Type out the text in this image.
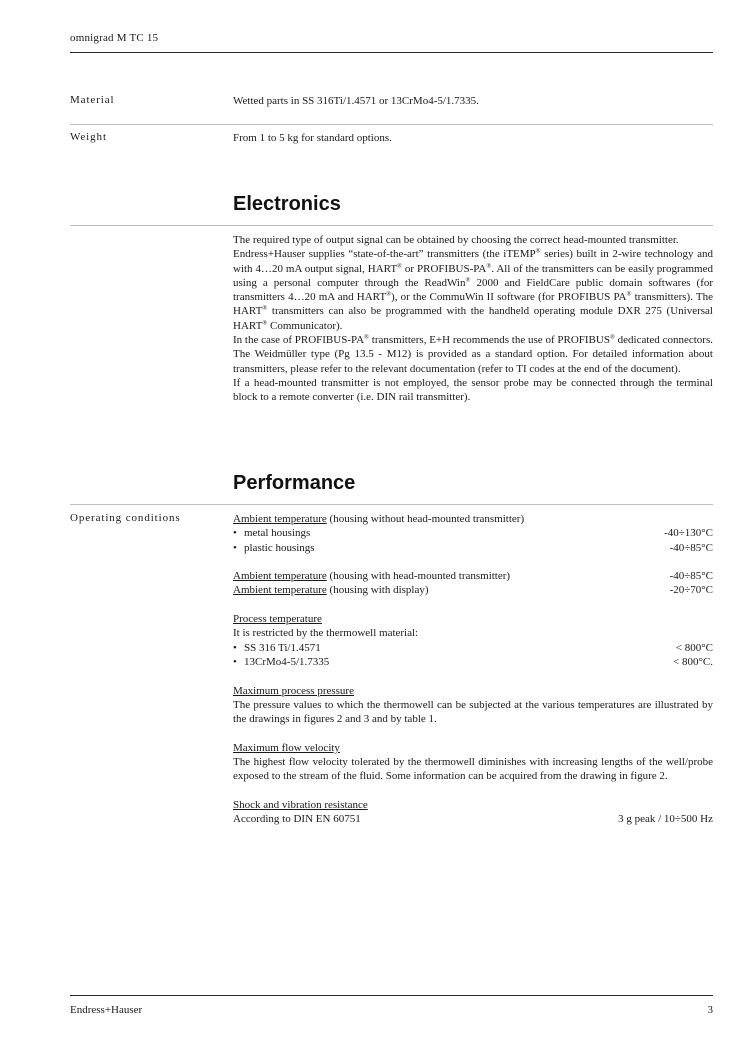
omnigrad M TC 15
Material	Wetted parts in SS 316Ti/1.4571 or 13CrMo4-5/1.7335.
Weight	From 1 to 5 kg for standard options.
Electronics

The required type of output signal can be obtained by choosing the correct head-mounted transmitter.

Endress+Hauser supplies “state-of-the-art” transmitters (the iTEMP® series) built in 2-wire technology and with 4…20 mA output signal, HART® or PROFIBUS-PA®. All of the transmitters can be easily programmed using a personal computer through the ReadWin® 2000 and FieldCare public domain softwares (for transmitters 4…20 mA and HART®), or the CommuWin II software (for PROFIBUS PA® transmitters). The HART® transmitters can also be programmed with the handheld operating module DXR 275 (Universal HART® Communicator).

In the case of PROFIBUS-PA® transmitters, E+H recommends the use of PROFIBUS® dedicated connectors. The Weidmüller type (Pg 13.5 - M12) is provided as a standard option. For detailed information about transmitters, please refer to the relevant documentation (refer to TI codes at the end of the document).

If a head-mounted transmitter is not employed, the sensor probe may be connected through the terminal block to a remote converter (i.e. DIN rail transmitter).

Performance
Operating conditions	Ambient temperature (housing without head-mounted transmitter)
• metal housings	-40÷130°C
• plastic housings	-40÷85°C
Ambient temperature (housing with head-mounted transmitter)	-40÷85°C
Ambient temperature (housing with display)	-20÷70°C
Process temperature
It is restricted by the thermowell material:
• SS 316 Ti/1.4571	< 800°C
• 13CrMo4-5/1.7335	< 800°C.
Maximum process pressure

The pressure values to which the thermowell can be subjected at the various temperatures are illustrated by the drawings in figures 2 and 3 and by table 1.

Maximum flow velocity

The highest flow velocity tolerated by the thermowell diminishes with increasing lengths of the well/probe exposed to the stream of the fluid. Some information can be acquired from the drawing in figure 2.

Shock and vibration resistance
According to DIN EN 60751	3 g peak / 10÷500 Hz
Endress+Hauser	3
